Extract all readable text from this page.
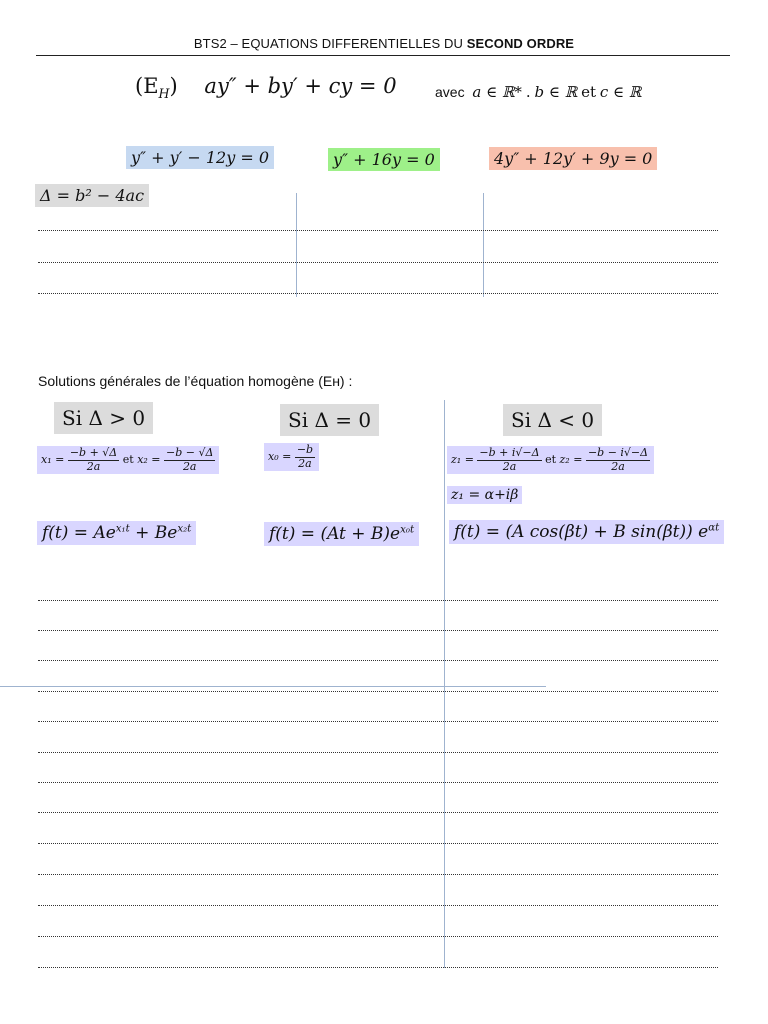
BTS2 – EQUATIONS DIFFERENTIELLES DU SECOND ORDRE
$(E_H) ay'' + by'$ + cy = 0	avec a ∈ ℝ* . b ∈ ℝ et c ∈ ℝ
y″ + y′ − 12y = 0	y″ + 16y = 0	4y″ + 12y′ + 9y = 0
Δ = b² − 4ac
Solutions générales de l’équation homogène (Eʜ) :
Si Δ > 0	Si Δ = 0	Si Δ < 0
$x_1 = \frac{-b + √\Delta}{2a}$ et $x_2 = \frac{-b - √\Delta}{2a}$	$x_0 = \frac{-b}{2a}$	$z_1 = \frac{-b + i√-\Delta}{2a}$ et $z_2 = \frac{-b - i√-\Delta}{2a}$
z₁ = α+iβ
$f(t) = Ae^{x_1t} + Be^{x_2t}$	$f(t) = (At + B)e^{x_0t}$ f(t) = (A cos(βt) + B sin(βt)) $e^{\alpha t}$
